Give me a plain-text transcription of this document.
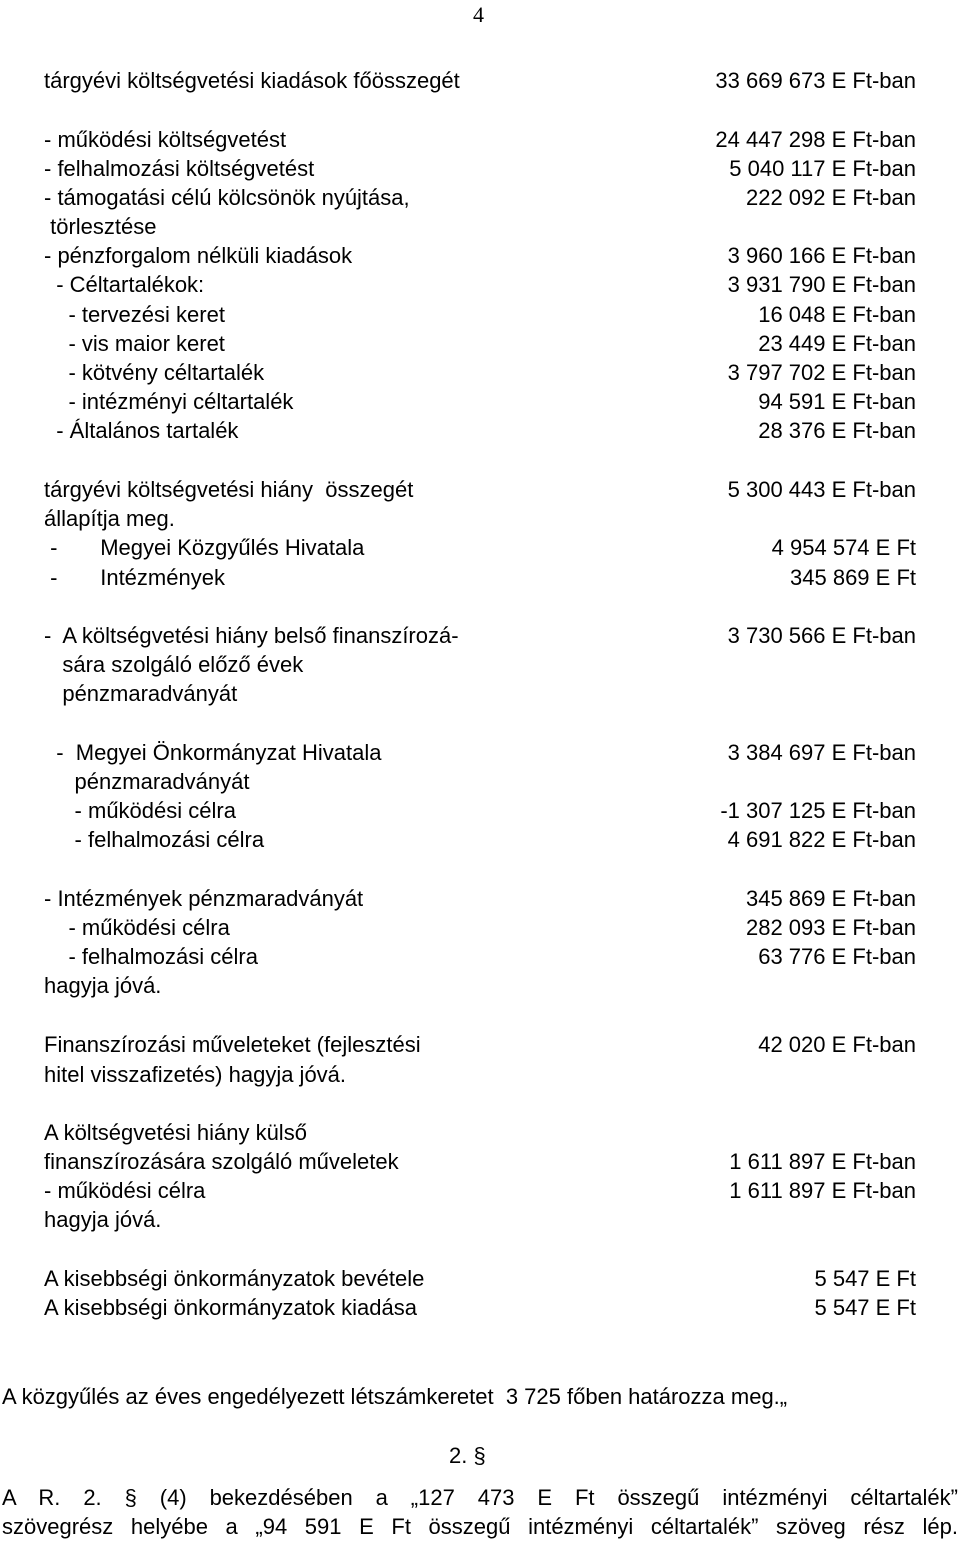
4
tárgyévi költségvetési kiadások főösszegét	33 669 673 E Ft-ban
- működési költségvetést	24 447 298 E Ft-ban
- felhalmozási költségvetést	5 040 117 E Ft-ban
- támogatási célú kölcsönök nyújtása,	222 092 E Ft-ban
törlesztése
- pénzforgalom nélküli kiadások	3 960 166 E Ft-ban
- Céltartalékok:	3 931 790 E Ft-ban
- tervezési keret	16 048 E Ft-ban
- vis maior keret	23 449 E Ft-ban
- kötvény céltartalék	3 797 702 E Ft-ban
- intézményi céltartalék	94 591 E Ft-ban
- Általános tartalék	28 376 E Ft-ban
tárgyévi költségvetési hiány  összegét	5 300 443 E Ft-ban
állapítja meg.
-       Megyei Közgyűlés Hivatala	4 954 574 E Ft
-       Intézmények	345 869 E Ft
-  A költségvetési hiány belső finanszírozá-	3 730 566 E Ft-ban
sára szolgáló előző évek
pénzmaradványát
-  Megyei Önkormányzat Hivatala	3 384 697 E Ft-ban
pénzmaradványát
- működési célra	-1 307 125 E Ft-ban
- felhalmozási célra	4 691 822 E Ft-ban
- Intézmények pénzmaradványát	345 869 E Ft-ban
- működési célra	282 093 E Ft-ban
- felhalmozási célra	63 776 E Ft-ban
hagyja jóvá.
Finanszírozási műveleteket (fejlesztési	42 020 E Ft-ban
hitel visszafizetés) hagyja jóvá.
A költségvetési hiány külső
finanszírozására szolgáló műveletek	1 611 897 E Ft-ban
- működési célra	1 611 897 E Ft-ban
hagyja jóvá.
A kisebbségi önkormányzatok bevétele	5 547 E Ft
A kisebbségi önkormányzatok kiadása	5 547 E Ft
A közgyűlés az éves engedélyezett létszámkeretet  3 725 főben határozza meg.„
2. §
A R. 2. § (4) bekezdésében a „127 473 E Ft összegű intézményi céltartalék”
szövegrész helyébe a „94 591 E Ft összegű intézményi céltartalék” szöveg rész lép.
